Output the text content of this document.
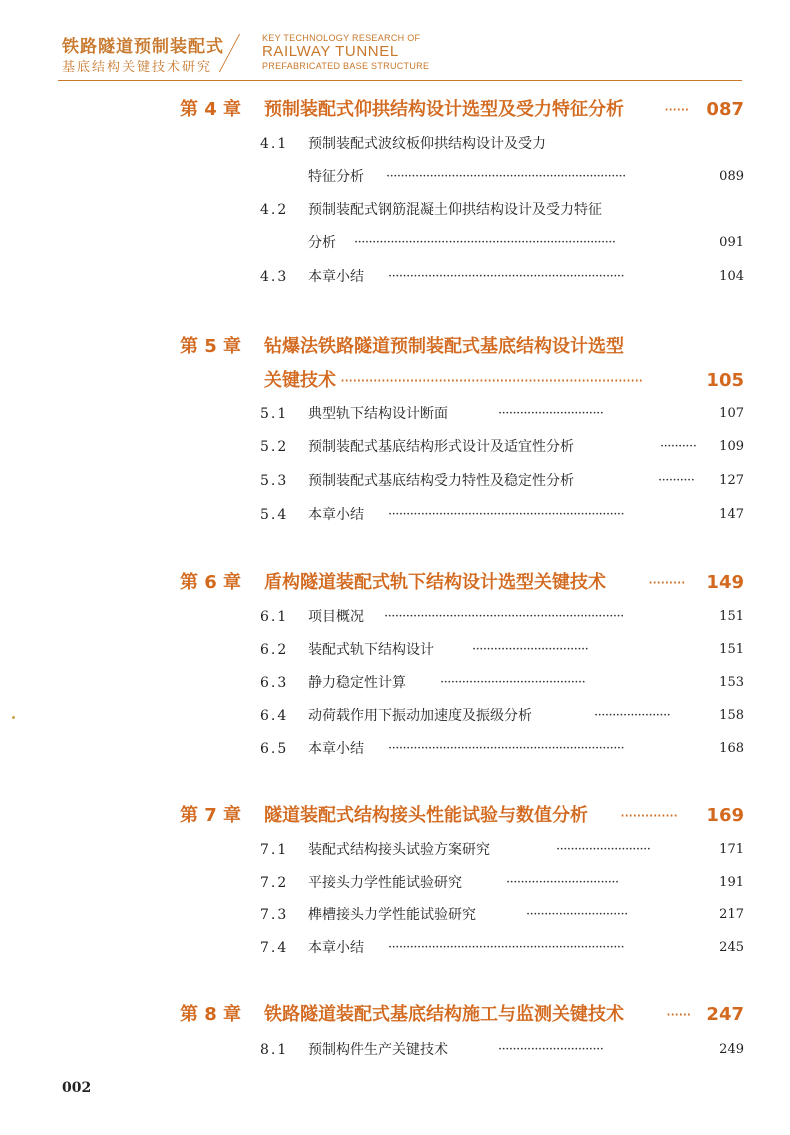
铁路隧道预制装配式
基底结构关键技术研究
KEY TECHNOLOGY RESEARCH OF
RAILWAY TUNNEL
PREFABRICATED BASE STRUCTURE
第 4 章 预制装配式仰拱结构设计选型及受力特征分析	······ 087
4.1 预制装配式波纹板仰拱结构设计及受力
特征分析 ··································································	089
4.2 预制装配式钢筋混凝土仰拱结构设计及受力特征
分析 ········································································	091
4.3 本章小结 ·································································	104
第 5 章 钻爆法铁路隧道预制装配式基底结构设计选型
关键技术 ··········································································	105
5.1 典型轨下结构设计断面	·····························	107
5.2 预制装配式基底结构形式设计及适宜性分析	·········· 109
5.3 预制装配式基底结构受力特性及稳定性分析	·········· 127
5.4 本章小结 ·································································	147
第 6 章 盾构隧道装配式轨下结构设计选型关键技术	········· 149
6.1 项目概况 ··································································	151
6.2 装配式轨下结构设计	································	151
6.3 静力稳定性计算	········································	153
6.4 动荷载作用下振动加速度及振级分析	·····················	158
6.5 本章小结 ·································································	168
第 7 章 隧道装配式结构接头性能试验与数值分析 ·············· 169
7.1 装配式结构接头试验方案研究	··························	171
7.2 平接头力学性能试验研究	·······························	191
7.3 榫槽接头力学性能试验研究	····························	217
7.4 本章小结 ·································································	245
第 8 章 铁路隧道装配式基底结构施工与监测关键技术	······ 247
8.1 预制构件生产关键技术	·····························	249
002
